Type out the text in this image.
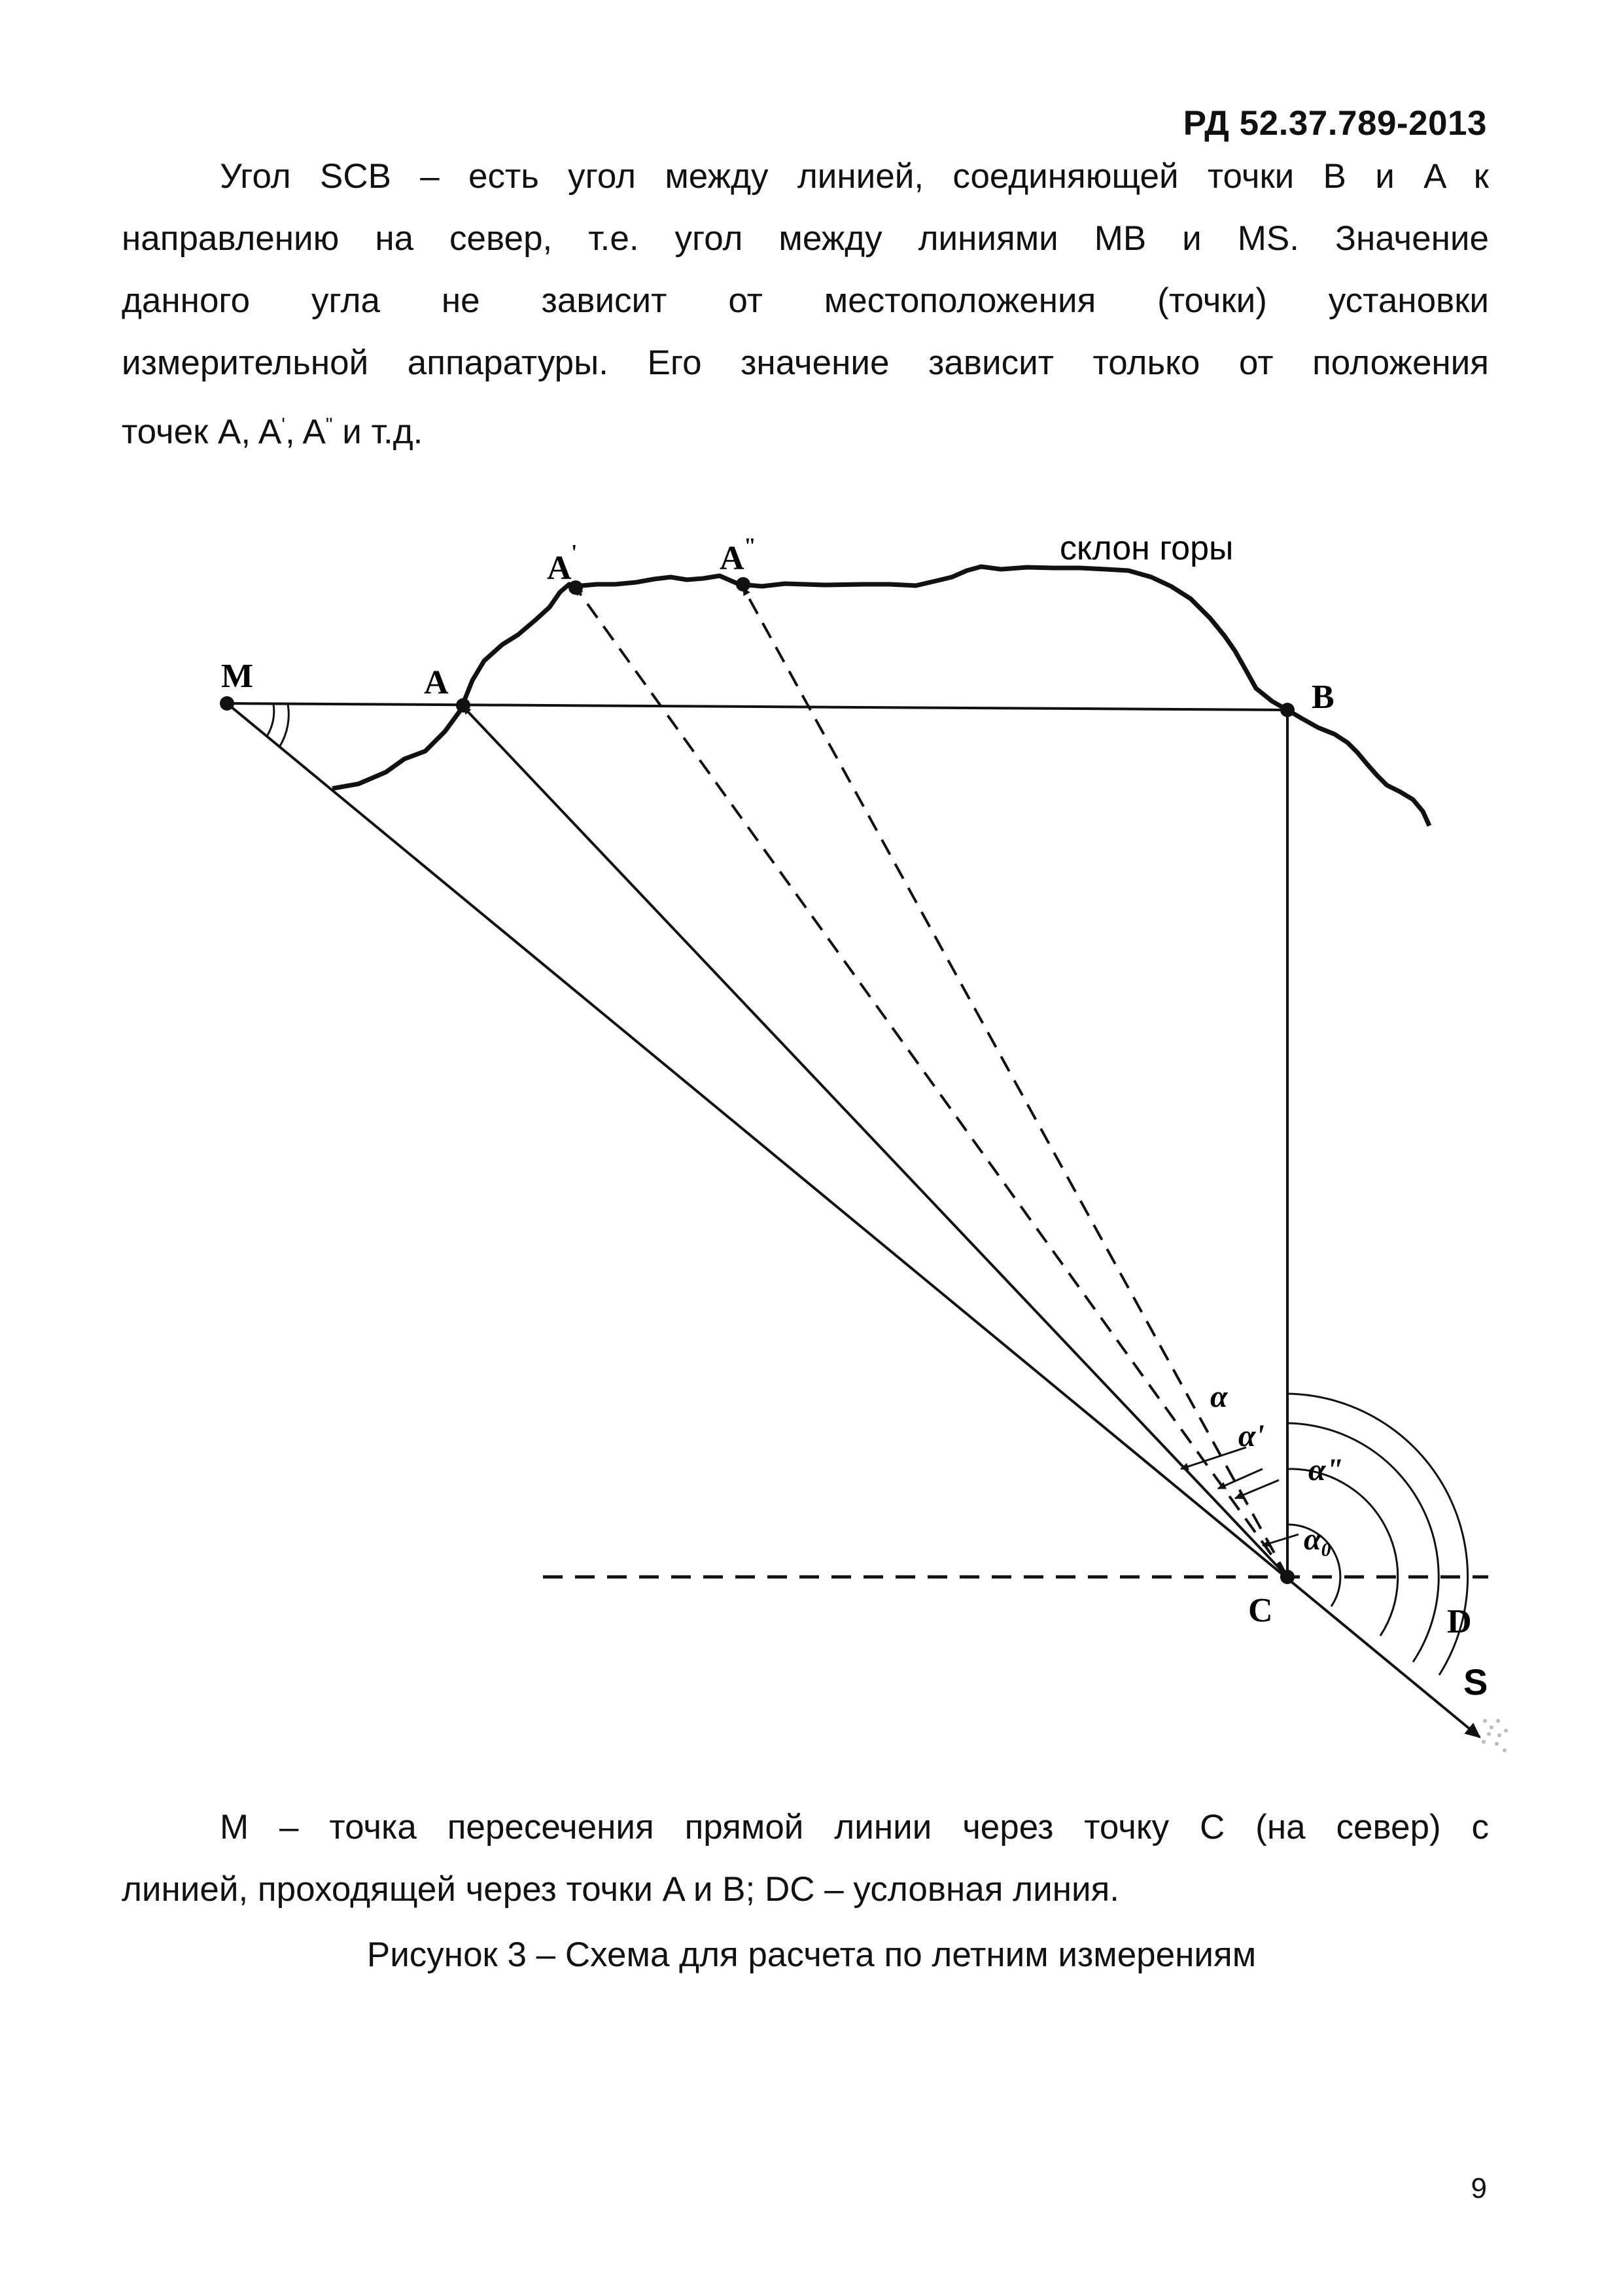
РД 52.37.789-2013
Угол SCB – есть угол между линией, соединяющей точки B и A к
направлению на север, т.е. угол между линиями MB и MS. Значение
данного угла не зависит от местоположения (точки) установки
измерительной аппаратуры. Его значение зависит только от положения
точек A, A', A" и т.д.
склон горы
M	A
A '	A "
B
C	D
S
α
α'
α"
$\alpha_0$
M – точка пересечения прямой линии через точку C (на север) с
линией, проходящей через точки A и B; DC – условная линия.
Рисунок 3 – Схема для расчета по летним измерениям
9
